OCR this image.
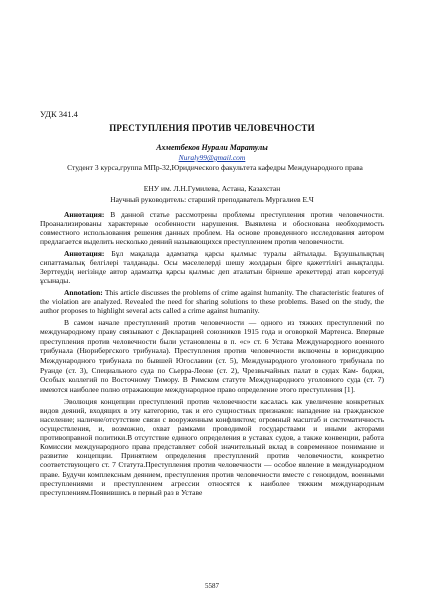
УДК 341.4
ПРЕСТУПЛЕНИЯ ПРОТИВ ЧЕЛОВЕЧНОСТИ
Ахметбеков Нурали Маратулы
Nuraly99@gmail.com
Студент 3 курса,группа МПр-32,Юридического факультета кафедры Международного права
ЕНУ им. Л.Н.Гумилева, Астана, Казахстан
Научный руководитель: старший преподаватель Мургалиев Е.Ч

Аннотация: В данной статье рассмотрены проблемы преступления против человечности. Проанализированы характерные особенности нарушения. Выявлена и обоснована необходимость совместного использования решения данных проблем. На основе проведенного исследования автором предлагается выделить несколько деяний называющихся преступлением против человечности.

Аннотация: Бұл мақалада адамзатқа қарсы қылмыс туралы айтылады. Бұзушылықтың сипаттамалық белгілері талданады. Осы мәселелерді шешу жолдарын бірге қажеттілігі анықталды. Зерттеудің негізінде автор адамзатқа қарсы қылмыс деп аталатын бірнеше әрекеттерді атап көрсетуді ұсынады.

Annotation: This article discusses the problems of crime against humanity. The characteristic features of the violation are analyzed. Revealed the need for sharing solutions to these problems. Based on the study, the author proposes to highlight several acts called a crime against humanity.

В самом начале преступлений против человечности — одного из тяжких преступлений по международному праву связывают с Декларацией союзников 1915 года и оговоркой Мартенса. Впервые преступления против человечности были установлены в п. «с» ст. 6 Устава Международного военного трибунала (Нюрнбергского трибунала). Преступления против человечности включены в юрисдикцию Международного трибунала по бывшей Югославии (ст. 5), Международного уголовного трибунала по Руанде (ст. 3), Специального суда по Сьерра-Леоне (ст. 2), Чрезвычайных палат в судах Кам- боджи, Особых коллегий по Восточному Тимору. В Римском статуте Международного уголовного суда (ст. 7) имеются наиболее полно отражающие международное право определение этого преступления [1].

Эволюция концепции преступлений против человечности касалась как увеличение конкретных видов деяний, входящих в эту категорию, так и его сущностных признаков: нападение на гражданское население; наличие/отсутствие связи с вооруженным конфликтом; огромный масштаб и систематичность осуществления, и, возможно, охват рамками проводимой государствами и иными акторами противоправной политики.В отсутствие единого определения в уставах судов, а также конвенции, работа Комиссии международного права представляет собой значительный вклад в современное понимание и развитие концепции. Принятием определения преступлений против человечности, конкретно соответствующего ст. 7 Статута.Преступления против человечности — особое явление в международном праве. Будучи комплексным деянием, преступления против человечности вместе с геноцидом, военными преступлениями и преступлением агрессии относятся к наиболее тяжким международным преступлениям.Появившись в первый раз в Уставе

5587
